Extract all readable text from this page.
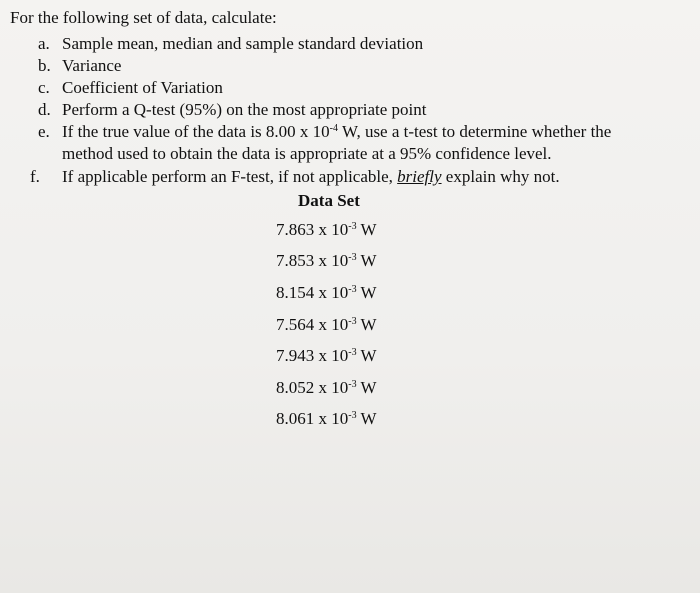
For the following set of data, calculate:
a. Sample mean, median and sample standard deviation
b. Variance
c. Coefficient of Variation
d. Perform a Q-test (95%) on the most appropriate point
e. If the true value of the data is 8.00 x $10^{-4}$ W, use a t-test to determine whether the
method used to obtain the data is appropriate at a 95% confidence level.
f. If applicable perform an F-test, if not applicable, briefly explain why not.
Data Set
7.863 x $10^{-3}$ W
7.853 x $10^{-3}$ W
8.154 x $10^{-3}$ W
7.564 x $10^{-3}$ W
7.943 x $10^{-3}$ W
8.052 x $10^{-3}$ W
8.061 x $10^{-3}$ W
